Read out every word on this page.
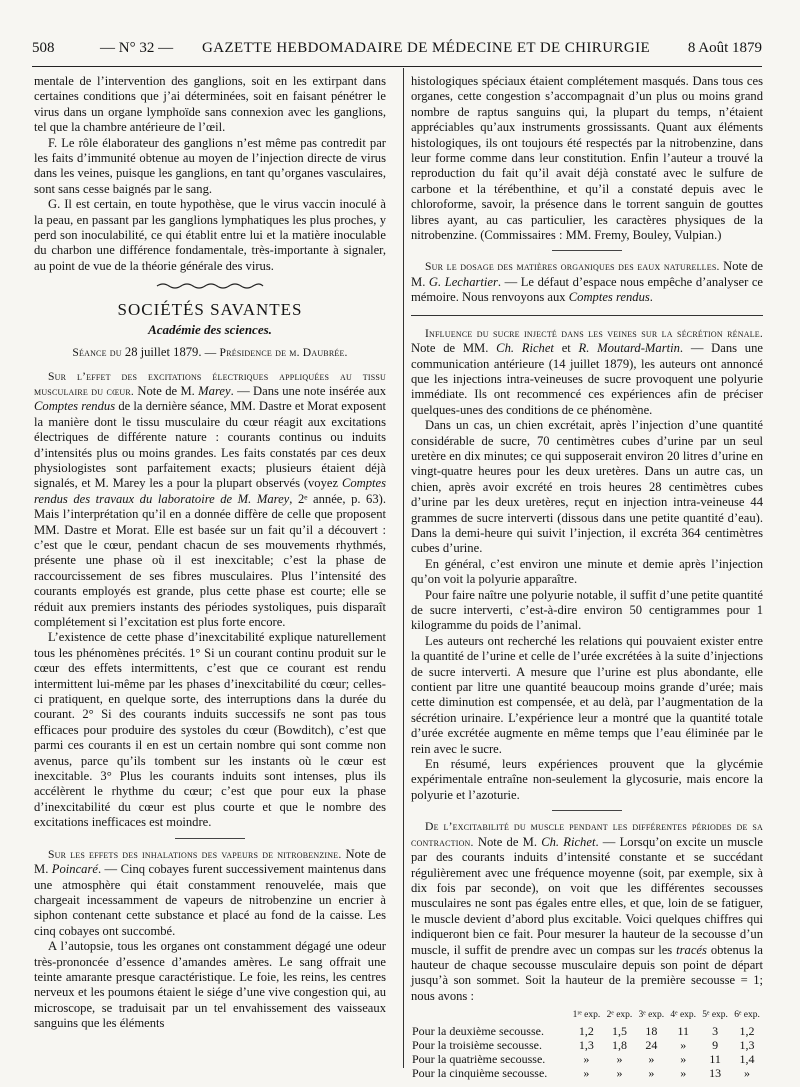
508	— N° 32 — GAZETTE HEBDOMADAIRE DE MÉDECINE ET DE CHIRURGIE	8 Août 1879

mentale de l’intervention des ganglions, soit en les extirpant dans certaines conditions que j’ai déterminées, soit en faisant pénétrer le virus dans un organe lymphoïde sans connexion avec les ganglions, tel que la chambre antérieure de l’œil.

F. Le rôle élaborateur des ganglions n’est même pas contredit par les faits d’immunité obtenue au moyen de l’injection directe de virus dans les veines, puisque les ganglions, en tant qu’organes vasculaires, sont sans cesse baignés par le sang.

G. Il est certain, en toute hypothèse, que le virus vaccin inoculé à la peau, en passant par les ganglions lymphatiques les plus proches, y perd son inoculabilité, ce qui établit entre lui et la matière inoculable du charbon une différence fondamentale, très-importante à signaler, au point de vue de la théorie générale des virus.

SOCIÉTÉS SAVANTES
Académie des sciences.
Séance du 28 juillet 1879. — Présidence de m. Daubrée.

Sur l’effet des excitations électriques appliquées au tissu musculaire du cœur. Note de M. Marey. — Dans une note insérée aux Comptes rendus de la dernière séance, MM. Dastre et Morat exposent la manière dont le tissu musculaire du cœur réagit aux excitations électriques de différente nature : courants continus ou induits d’intensités plus ou moins grandes. Les faits constatés par ces deux physiologistes sont parfaitement exacts; plusieurs étaient déjà signalés, et M. Marey les a pour la plupart observés (voyez Comptes rendus des travaux du laboratoire de M. Marey, 2ᵉ année, p. 63). Mais l’interprétation qu’il en a donnée diffère de celle que proposent MM. Dastre et Morat. Elle est basée sur un fait qu’il a découvert : c’est que le cœur, pendant chacun de ses mouvements rhythmés, présente une phase où il est inexcitable; c’est la phase de raccourcissement de ses fibres musculaires. Plus l’intensité des courants employés est grande, plus cette phase est courte; elle se réduit aux premiers instants des périodes systoliques, puis disparaît complétement si l’excitation est plus forte encore.

L’existence de cette phase d’inexcitabilité explique naturellement tous les phénomènes précités. 1° Si un courant continu produit sur le cœur des effets intermittents, c’est que ce courant est rendu intermittent lui-même par les phases d’inexcitabilité du cœur; celles-ci pratiquent, en quelque sorte, des interruptions dans la durée du courant. 2° Si des courants induits successifs ne sont pas tous efficaces pour produire des systoles du cœur (Bowditch), c’est que parmi ces courants il en est un certain nombre qui sont comme non avenus, parce qu’ils tombent sur les instants où le cœur est inexcitable. 3° Plus les courants induits sont intenses, plus ils accélèrent le rhythme du cœur; c’est que pour eux la phase d’inexcitabilité du cœur est plus courte et que le nombre des excitations inefficaces est moindre.

Sur les effets des inhalations des vapeurs de nitrobenzine. Note de M. Poincaré. — Cinq cobayes furent successivement maintenus dans une atmosphère qui était constamment renouvelée, mais que chargeait incessamment de vapeurs de nitrobenzine un encrier à siphon contenant cette substance et placé au fond de la caisse. Les cinq cobayes ont succombé.

A l’autopsie, tous les organes ont constamment dégagé une odeur très-prononcée d’essence d’amandes amères. Le sang offrait une teinte amarante presque caractéristique. Le foie, les reins, les centres nerveux et les poumons étaient le siége d’une vive congestion qui, au microscope, se traduisait par un tel envahissement des vaisseaux sanguins que les éléments

histologiques spéciaux étaient complétement masqués. Dans tous ces organes, cette congestion s’accompagnait d’un plus ou moins grand nombre de raptus sanguins qui, la plupart du temps, n’étaient appréciables qu’aux instruments grossissants. Quant aux éléments histologiques, ils ont toujours été respectés par la nitrobenzine, dans leur forme comme dans leur constitution. Enfin l’auteur a trouvé la reproduction du fait qu’il avait déjà constaté avec le sulfure de carbone et la térébenthine, et qu’il a constaté depuis avec le chloroforme, savoir, la présence dans le torrent sanguin de gouttes libres ayant, au cas particulier, les caractères physiques de la nitrobenzine. (Commissaires : MM. Fremy, Bouley, Vulpian.)

Sur le dosage des matières organiques des eaux naturelles. Note de M. G. Lechartier. — Le défaut d’espace nous empêche d’analyser ce mémoire. Nous renvoyons aux Comptes rendus.

Influence du sucre injecté dans les veines sur la sécrétion rénale. Note de MM. Ch. Richet et R. Moutard-Martin. — Dans une communication antérieure (14 juillet 1879), les auteurs ont annoncé que les injections intra-veineuses de sucre provoquent une polyurie immédiate. Ils ont recommencé ces expériences afin de préciser quelques-unes des conditions de ce phénomène.

Dans un cas, un chien excrétait, après l’injection d’une quantité considérable de sucre, 70 centimètres cubes d’urine par un seul uretère en dix minutes; ce qui supposerait environ 20 litres d’urine en vingt-quatre heures pour les deux uretères. Dans un autre cas, un chien, après avoir excrété en trois heures 28 centimètres cubes d’urine par les deux uretères, reçut en injection intra-veineuse 44 grammes de sucre interverti (dissous dans une petite quantité d’eau). Dans la demi-heure qui suivit l’injection, il excréta 364 centimètres cubes d’urine.

En général, c’est environ une minute et demie après l’injection qu’on voit la polyurie apparaître.

Pour faire naître une polyurie notable, il suffit d’une petite quantité de sucre interverti, c’est-à-dire environ 50 centigrammes pour 1 kilogramme du poids de l’animal.

Les auteurs ont recherché les relations qui pouvaient exister entre la quantité de l’urine et celle de l’urée excrétées à la suite d’injections de sucre interverti. A mesure que l’urine est plus abondante, elle contient par litre une quantité beaucoup moins grande d’urée; mais cette diminution est compensée, et au delà, par l’augmentation de la sécrétion urinaire. L’expérience leur a montré que la quantité totale d’urée excrétée augmente en même temps que l’eau éliminée par le rein avec le sucre.

En résumé, leurs expériences prouvent que la glycémie expérimentale entraîne non-seulement la glycosurie, mais encore la polyurie et l’azoturie.

De l’excitabilité du muscle pendant les différentes périodes de sa contraction. Note de M. Ch. Richet. — Lorsqu’on excite un muscle par des courants induits d’intensité constante et se succédant régulièrement avec une fréquence moyenne (soit, par exemple, six à dix fois par seconde), on voit que les différentes secousses musculaires ne sont pas égales entre elles, et que, loin de se fatiguer, le muscle devient d’abord plus excitable. Voici quelques chiffres qui indiqueront bien ce fait. Pour mesurer la hauteur de la secousse d’un muscle, il suffit de prendre avec un compas sur les tracés obtenus la hauteur de chaque secousse musculaire depuis son point de départ jusqu’à son sommet. Soit la hauteur de la première secousse = 1; nous avons :

	1ʳᵉ exp.	2ᵉ exp.	3ᵉ exp.	4ᵉ exp.	5ᵉ exp.	6ᵉ exp.
Pour la deuxième secousse.	1,2	1,5	18	11	3	1,2
Pour la troisième secousse.	1,3	1,8	24	»	9	1,3
Pour la quatrième secousse.	»	»	»	»	11	1,4
Pour la cinquième secousse.	»	»	»	»	13	»
